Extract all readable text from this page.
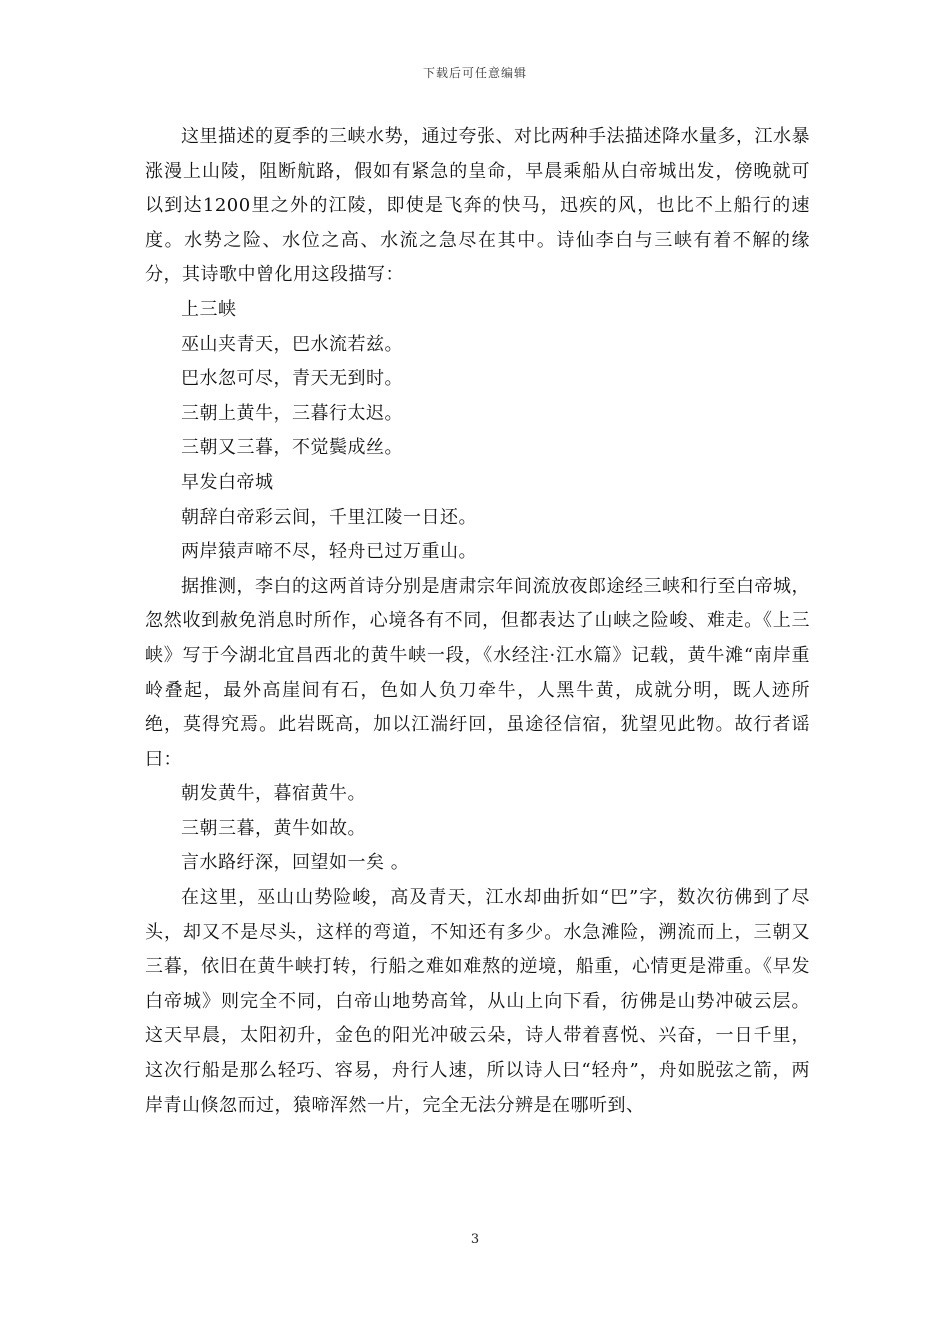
下载后可任意编辑

这里描述的夏季的三峡水势，通过夸张、对比两种手法描述降水量多，江水暴涨漫上山陵，阻断航路，假如有紧急的皇命，早晨乘船从白帝城出发，傍晚就可以到达1200里之外的江陵，即使是飞奔的快马，迅疾的风，也比不上船行的速度。水势之险、水位之高、水流之急尽在其中。诗仙李白与三峡有着不解的缘分，其诗歌中曾化用这段描写：

上三峡

巫山夹青天，巴水流若兹。

巴水忽可尽，青天无到时。

三朝上黄牛，三暮行太迟。

三朝又三暮，不觉鬓成丝。

早发白帝城

朝辞白帝彩云间，千里江陵一日还。

两岸猿声啼不尽，轻舟已过万重山。

据推测，李白的这两首诗分别是唐肃宗年间流放夜郎途经三峡和行至白帝城，忽然收到赦免消息时所作，心境各有不同，但都表达了山峡之险峻、难走。《上三峡》写于今湖北宜昌西北的黄牛峡一段，《水经注·江水篇》记载，黄牛滩“南岸重岭叠起，最外高崖间有石，色如人负刀牵牛，人黑牛黄，成就分明，既人迹所绝，莫得究焉。此岩既高，加以江湍纡回，虽途径信宿，犹望见此物。故行者谣曰：

朝发黄牛，暮宿黄牛。

三朝三暮，黄牛如故。

言水路纡深，回望如一矣 。

在这里，巫山山势险峻，高及青天，江水却曲折如“巴”字，数次彷佛到了尽头，却又不是尽头，这样的弯道，不知还有多少。水急滩险，溯流而上，三朝又三暮，依旧在黄牛峡打转，行船之难如难熬的逆境，船重，心情更是滞重。《早发白帝城》则完全不同，白帝山地势高耸，从山上向下看，彷佛是山势冲破云层。这天早晨，太阳初升，金色的阳光冲破云朵，诗人带着喜悦、兴奋，一日千里，这次行船是那么轻巧、容易，舟行人速，所以诗人曰“轻舟”，舟如脱弦之箭，两岸青山倏忽而过，猿啼浑然一片，完全无法分辨是在哪听到、

3
